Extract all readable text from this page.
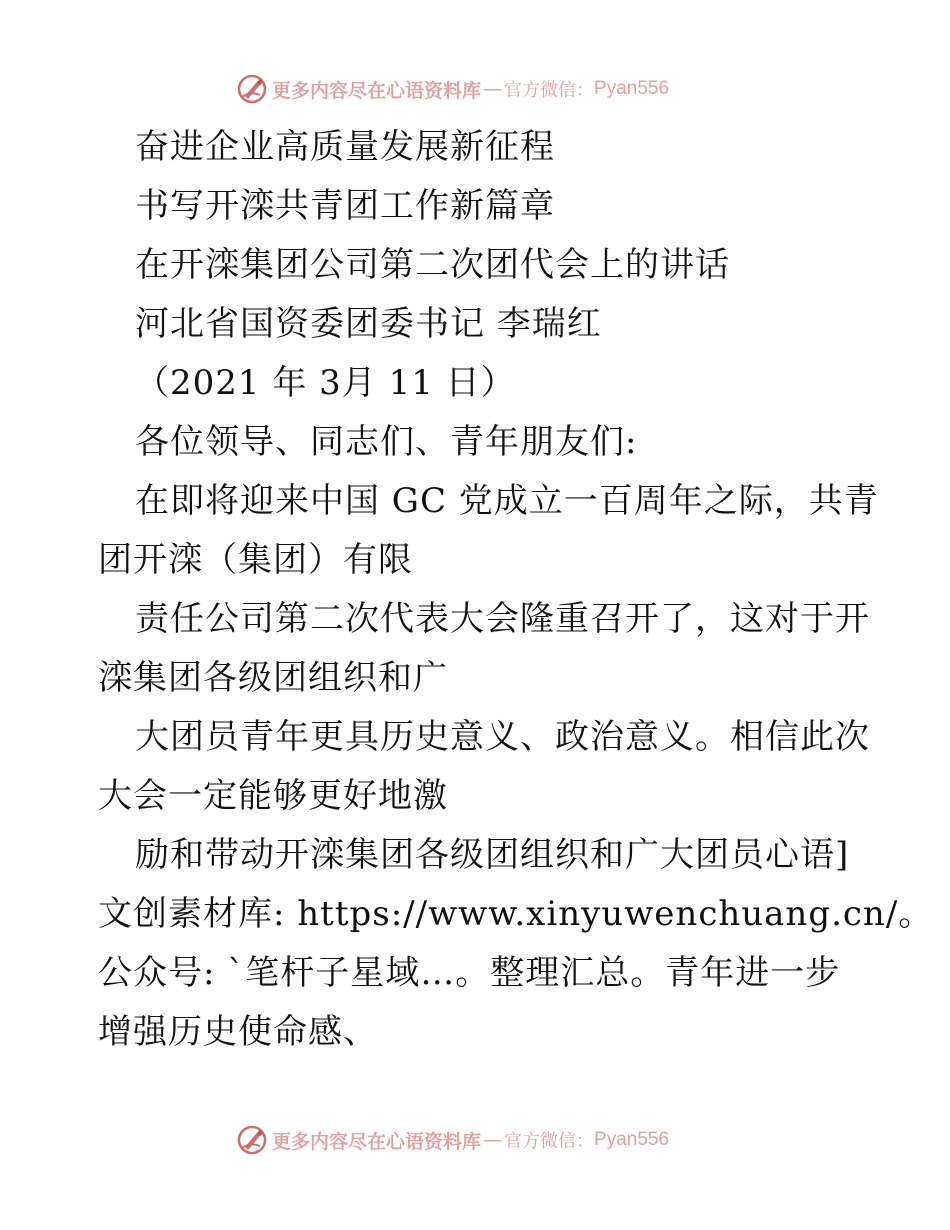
更多内容尽在心语资料库 — 官方微信： Pyan556
奋进企业高质量发展新征程
书写开滦共青团工作新篇章
在开滦集团公司第二次团代会上的讲话
河北省国资委团委书记 李瑞红
（2021 年 3月 11 日）
各位领导、同志们、青年朋友们:
在即将迎来中国 GC 党成立一百周年之际，共青
团开滦（集团）有限
责任公司第二次代表大会隆重召开了，这对于开
滦集团各级团组织和广
大团员青年更具历史意义、政治意义。相信此次
大会一定能够更好地激
励和带动开滦集团各级团组织和广大团员心语]
文创素材库: https://www.xinyuwenchuang.cn/。
公众号: `笔杆子星域…。整理汇总。青年进一步
增强历史使命感、
更多内容尽在心语资料库 — 官方微信： Pyan556
